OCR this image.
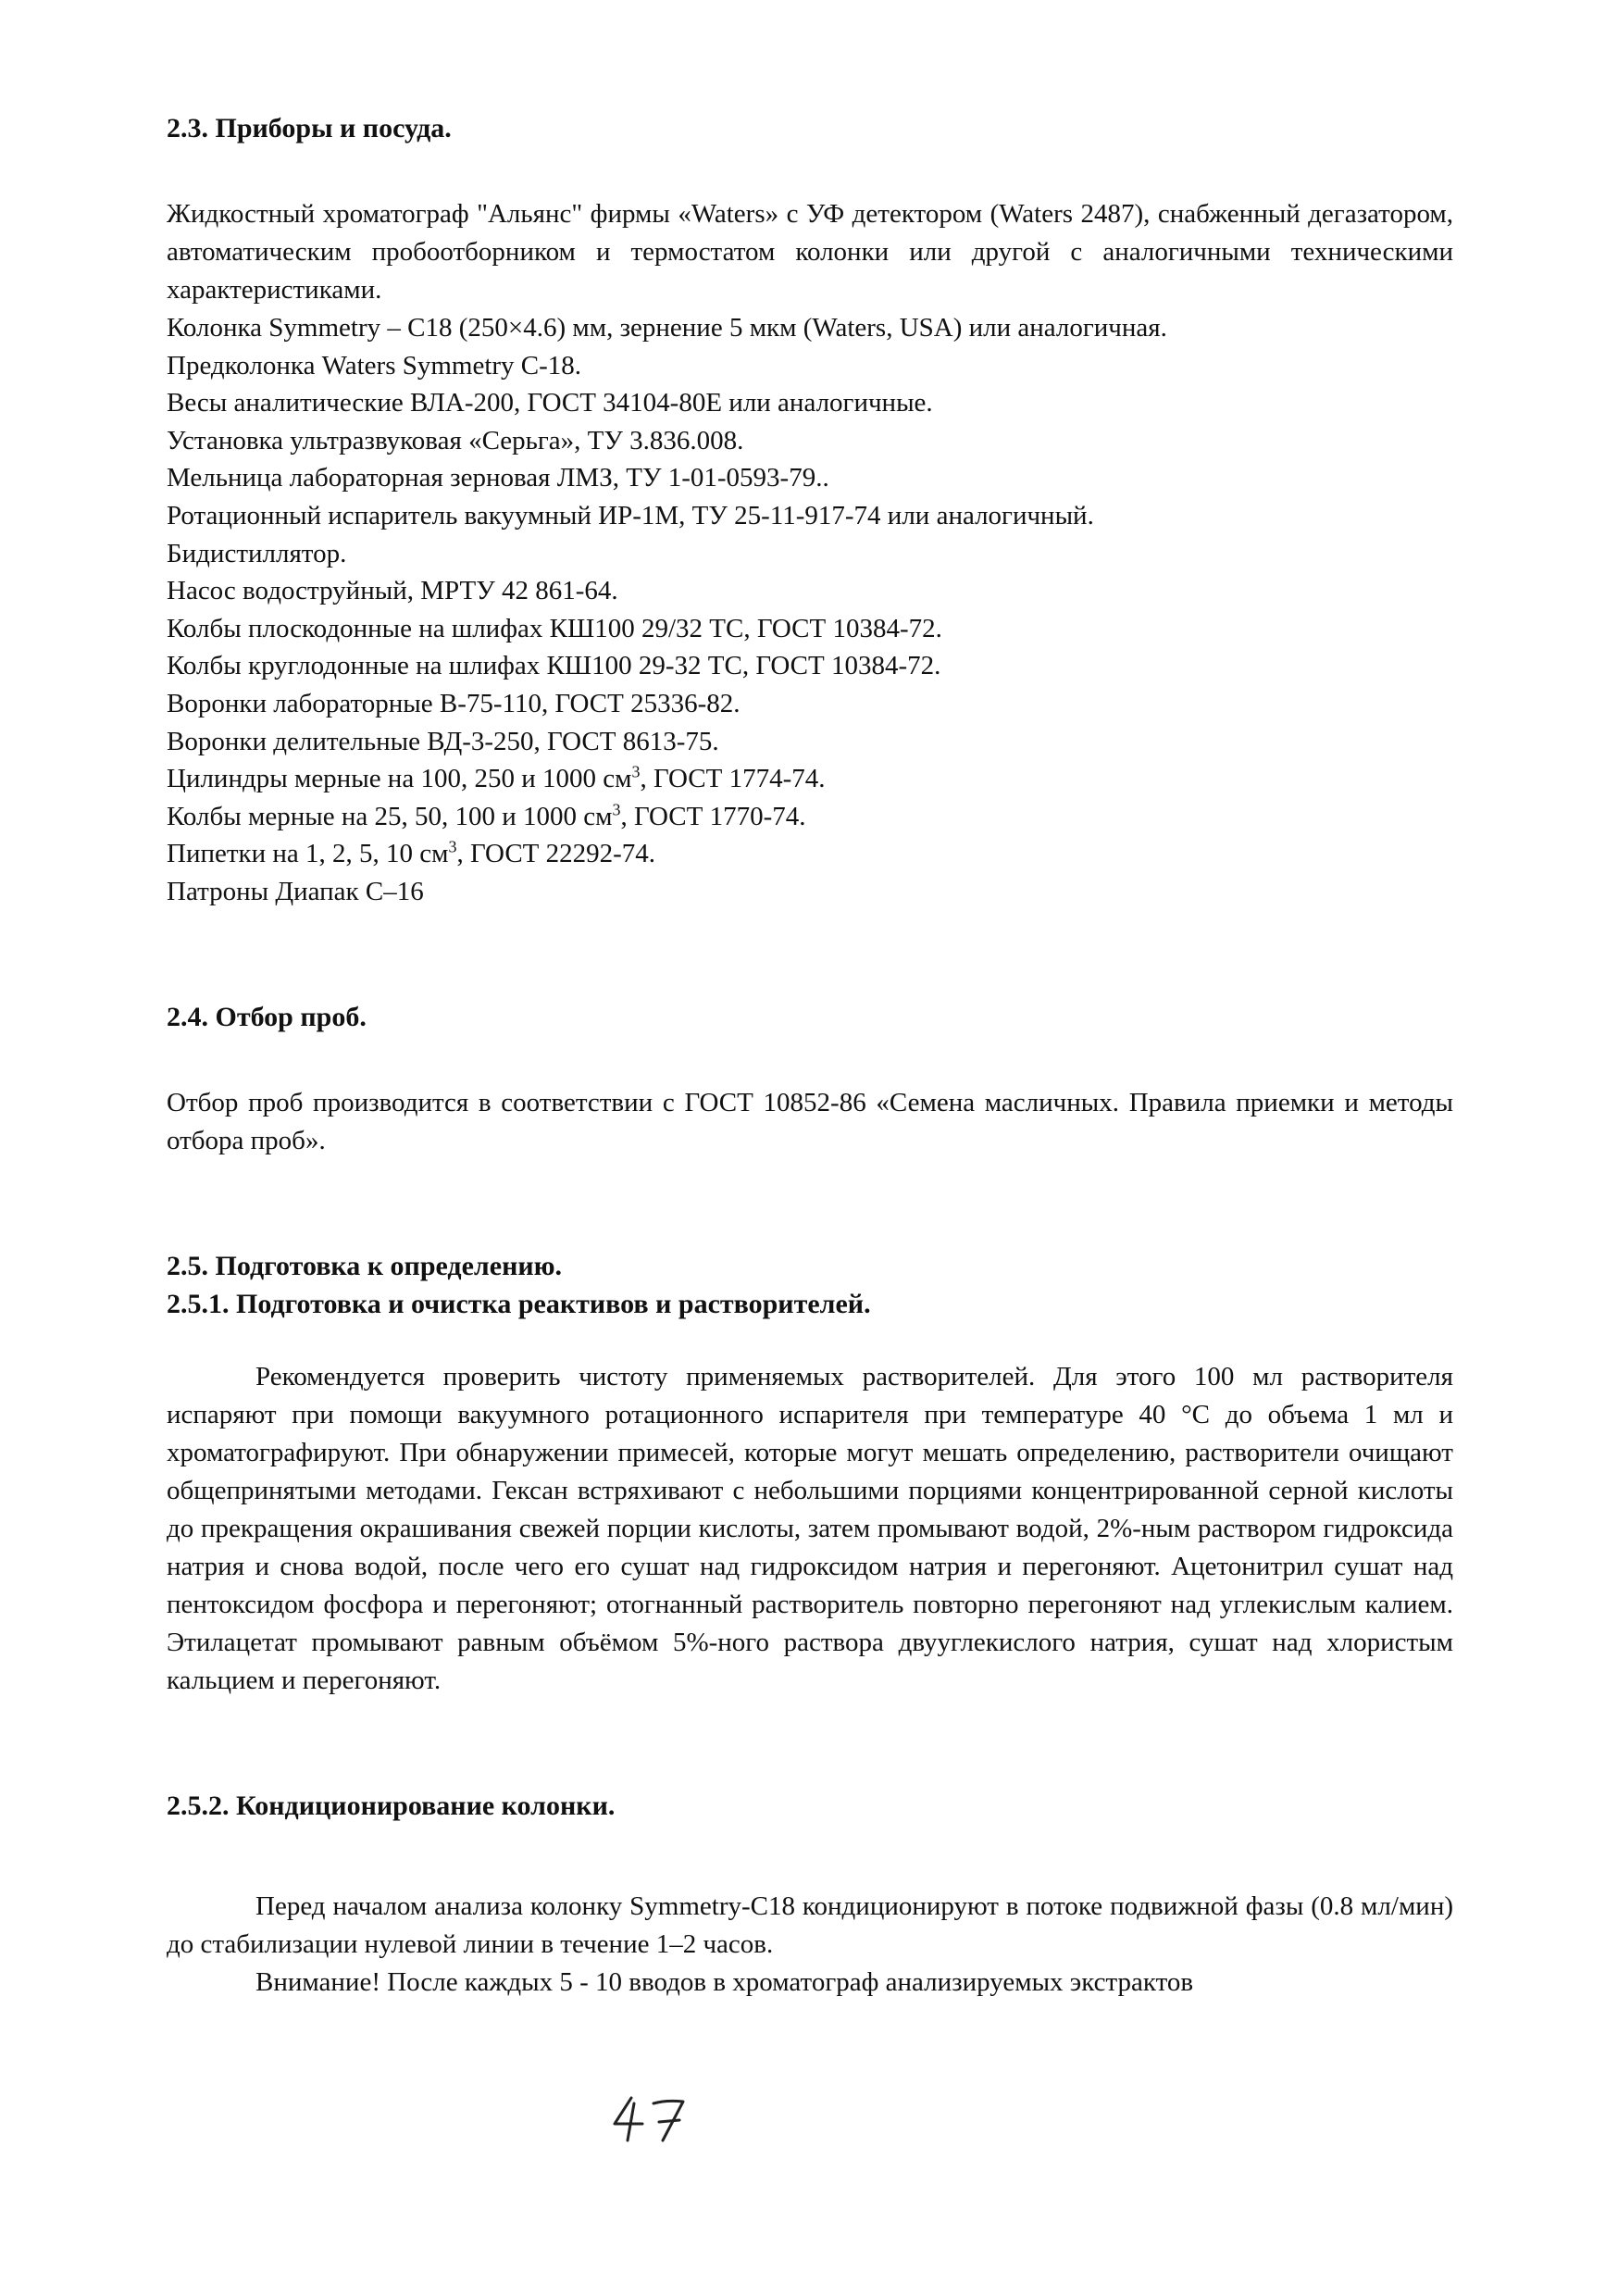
2.3. Приборы и посуда.

Жидкостный хроматограф "Альянс" фирмы «Waters» с УФ детектором (Waters 2487), снабженный дегазатором, автоматическим пробоотборником и термостатом колонки или другой с аналогичными техническими характеристиками.

Колонка Symmetry – C18 (250×4.6) мм, зернение 5 мкм (Waters, USA) или аналогичная.
Предколонка Waters Symmetry C-18.
Весы аналитические ВЛА-200, ГОСТ 34104-80Е или аналогичные.
Установка ультразвуковая «Серьга», ТУ 3.836.008.
Мельница лабораторная зерновая ЛМЗ, ТУ 1-01-0593-79..
Ротационный испаритель вакуумный ИР-1М, ТУ 25-11-917-74 или аналогичный.
Бидистиллятор.
Насос водоструйный, МРТУ 42 861-64.
Колбы плоскодонные на шлифах КШ100 29/32 ТС, ГОСТ 10384-72.
Колбы круглодонные на шлифах КШ100 29-32 ТС, ГОСТ 10384-72.
Воронки лабораторные В-75-110, ГОСТ 25336-82.
Воронки делительные ВД-3-250, ГОСТ 8613-75.
Цилиндры мерные на 100, 250 и 1000 $см^3$, ГОСТ 1774-74.
Колбы мерные на 25, 50, 100 и 1000 $см^3$, ГОСТ 1770-74.
Пипетки на 1, 2, 5, 10 $см^3$, ГОСТ 22292-74.
Патроны Диапак С–16

2.4. Отбор проб.

Отбор проб производится в соответствии с ГОСТ 10852-86 «Семена масличных. Правила приемки и методы отбора проб».

2.5. Подготовка к определению.

2.5.1. Подготовка и очистка реактивов и растворителей.

Рекомендуется проверить чистоту применяемых растворителей. Для этого 100 мл растворителя испаряют при помощи вакуумного ротационного испарителя при температуре 40 °С до объема 1 мл и хроматографируют. При обнаружении примесей, которые могут мешать определению, растворители очищают общепринятыми методами. Гексан встряхивают с небольшими порциями концентрированной серной кислоты до прекращения окрашивания свежей порции кислоты, затем промывают водой, 2%-ным раствором гидроксида натрия и снова водой, после чего его сушат над гидроксидом натрия и перегоняют. Ацетонитрил сушат над пентоксидом фосфора и перегоняют; отогнанный растворитель повторно перегоняют над углекислым калием. Этилацетат промывают равным объёмом 5%-ного раствора двууглекислого натрия, сушат над хлористым кальцием и перегоняют.

2.5.2. Кондиционирование колонки.

Перед началом анализа колонку Symmetry-C18 кондиционируют в потоке подвижной фазы (0.8 мл/мин) до стабилизации нулевой линии в течение 1–2 часов.

Внимание! После каждых 5 - 10 вводов в хроматограф анализируемых экстрактов
